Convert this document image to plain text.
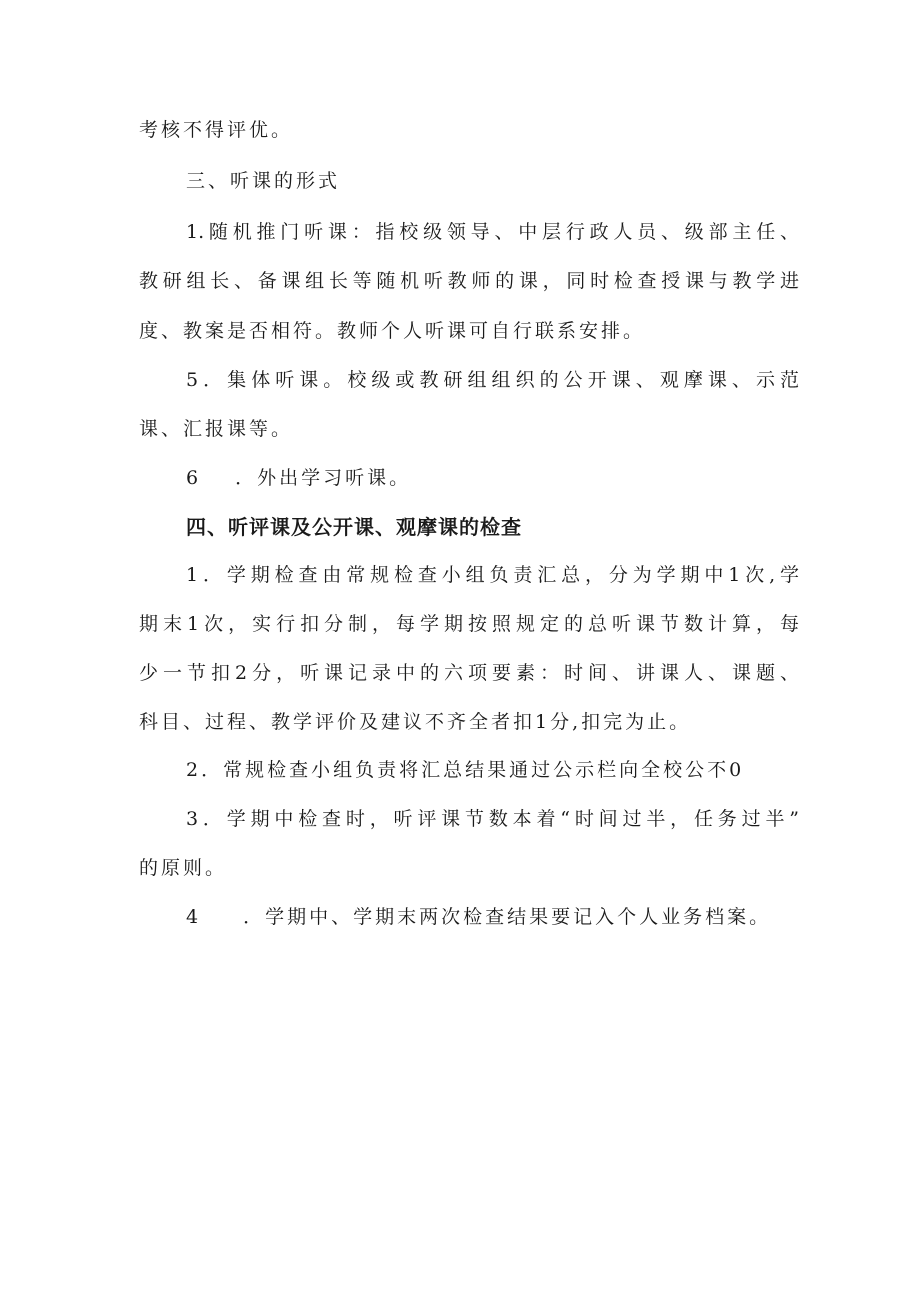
考核不得评优。
三、听课的形式
1.随机推门听课：指校级领导、中层行政人员、级部主任、
教研组长、备课组长等随机听教师的课，同时检查授课与教学进
度、教案是否相符。教师个人听课可自行联系安排。
5．集体听课。校级或教研组组织的公开课、观摩课、示范
课、汇报课等。
6 ．外出学习听课。
四、听评课及公开课、观摩课的检查
1．学期检查由常规检查小组负责汇总，分为学期中1次,学
期末1次，实行扣分制，每学期按照规定的总听课节数计算，每
少一节扣2分，听课记录中的六项要素：时间、讲课人、课题、
科目、过程、教学评价及建议不齐全者扣1分,扣完为止。
2．常规检查小组负责将汇总结果通过公示栏向全校公不0
3．学期中检查时，听评课节数本着“时间过半，任务过半”
的原则。
4 ．学期中、学期末两次检查结果要记入个人业务档案。
